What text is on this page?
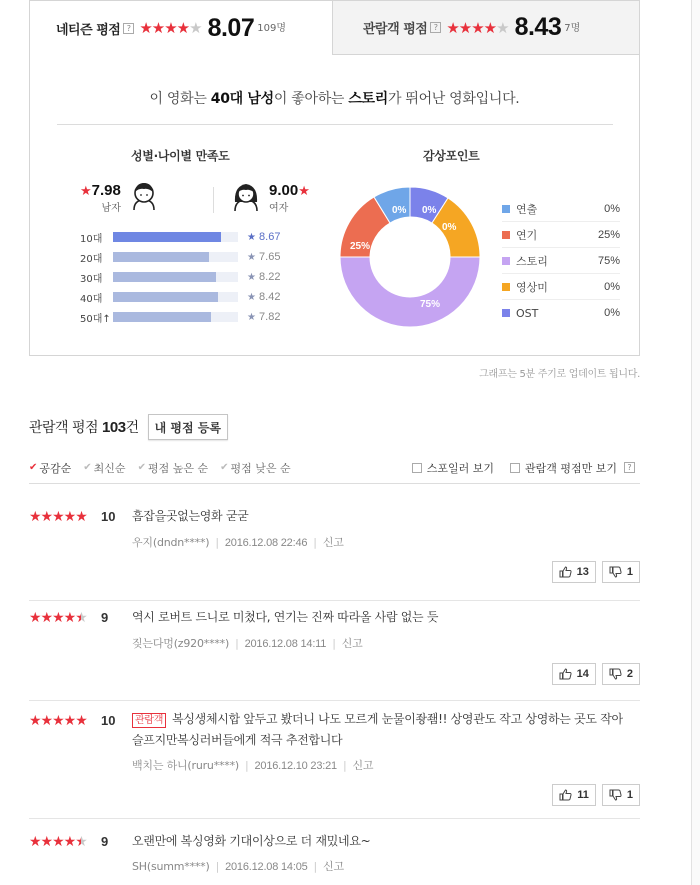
네티즌 평점 ? ★★★★★ 8.07 109명	관람객 평점 ? ★★★★★ 8.43 7명
이 영화는 40대 남성이 좋아하는 스토리가 뛰어난 영화입니다.
성별·나이별 만족도
★7.98
남자
9.00★
여자
10대	★ 8.67
20대	★ 7.65
30대	★ 8.22
40대	★ 8.42
50대↑	★ 7.82
감상포인트
0% 0%
0%
25%
75%
연출	0%
연기	25%
스토리	75%
영상미	0%
OST	0%
그래프는 5분 주기로 업데이트 됩니다.
관람객 평점 103건	내 평점 등록
✔ 공감순 ✔ 최신순 ✔ 평점 높은 순 ✔ 평점 낮은 순	스포일러 보기	관람객 평점만 보기	?
★★★★★ 10 흠잡을곳없는영화 굳굳
우지(dndn****) | 2016.12.08 22:46 | 신고
13	1
★★★★★ 9 역시 로버트 드니로 미쳤다, 연기는 진짜 따라올 사람 없는 듯
짖는다멍(z920****) | 2016.12.08 14:11 | 신고
14	2
★★★★★ 10	관람객 복싱생체시합 앞두고 봤더니 나도 모르게 눈물이좡좸!! 상영관도 작고 상영하는 곳도 작아 슬프지만복싱러버들에게 적극 추전합니다
백치는 하니(ruru****) | 2016.12.10 23:21 | 신고
11	1
★★★★★ 9 오랜만에 복싱영화 기대이상으로 더 재밌네요~
SH(summ****) | 2016.12.08 14:05 | 신고
